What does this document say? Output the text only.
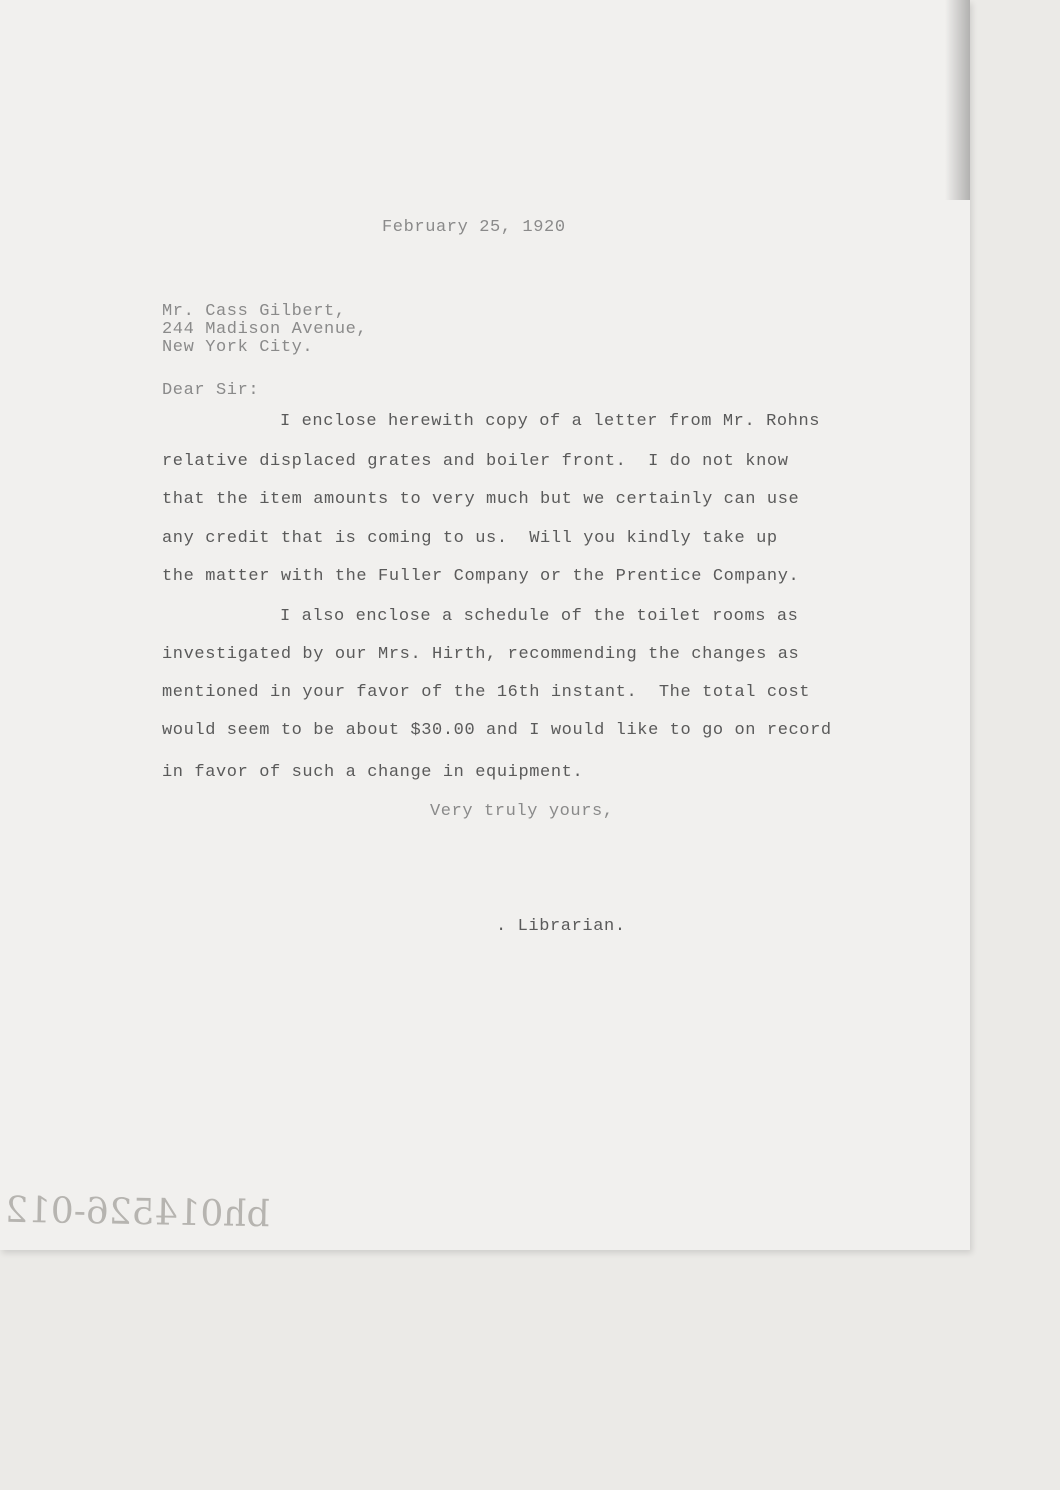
February 25, 1920
Mr. Cass Gilbert,
244 Madison Avenue,
New York City.
Dear Sir:
I enclose herewith copy of a letter from Mr. Rohns
relative displaced grates and boiler front.  I do not know
that the item amounts to very much but we certainly can use
any credit that is coming to us.  Will you kindly take up
the matter with the Fuller Company or the Prentice Company.
I also enclose a schedule of the toilet rooms as
investigated by our Mrs. Hirth, recommending the changes as
mentioned in your favor of the 16th instant.  The total cost
would seem to be about $30.00 and I would like to go on record
in favor of such a change in equipment.
Very truly yours,
. Librarian.
bh014526-012
